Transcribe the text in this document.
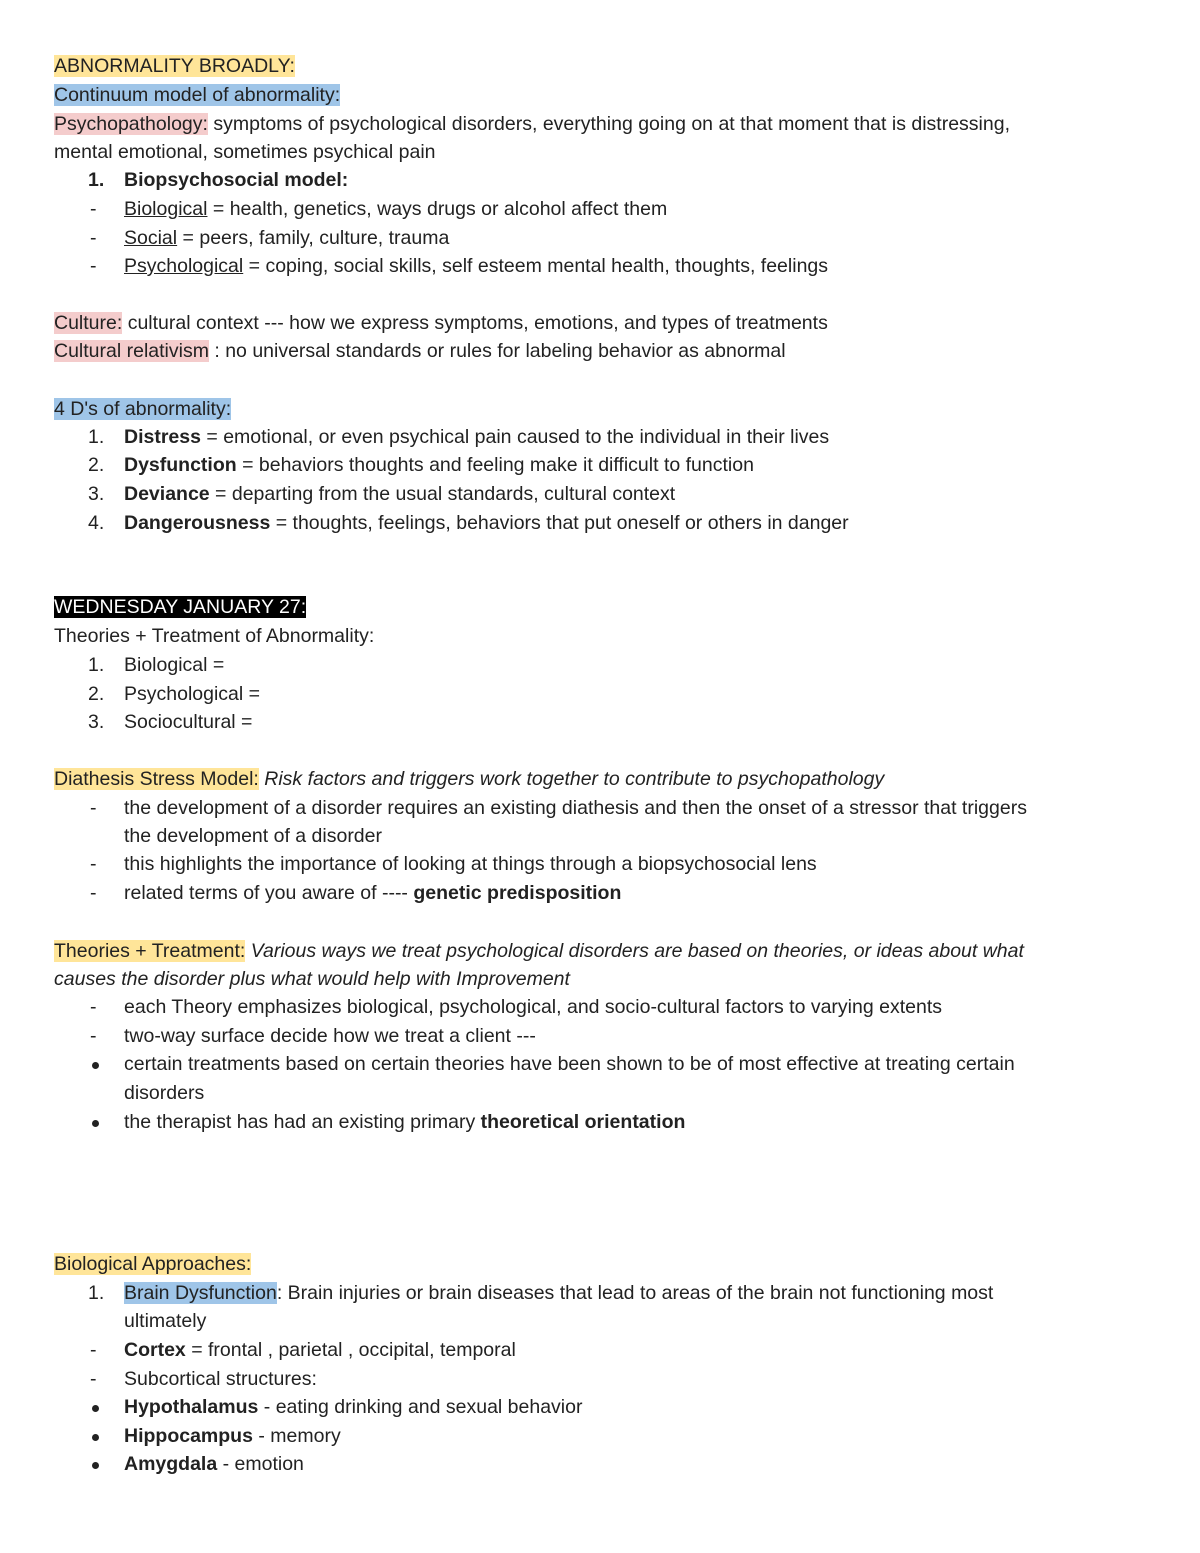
ABNORMALITY BROADLY:
Continuum model of abnormality:
Psychopathology: symptoms of psychological disorders, everything going on at that moment that is distressing,
mental emotional, sometimes psychical pain
1.	Biopsychosocial model:
-	Biological = health, genetics, ways drugs or alcohol affect them
-	Social = peers, family, culture, trauma
-	Psychological = coping, social skills, self esteem mental health, thoughts, feelings
Culture: cultural context --- how we express symptoms, emotions, and types of treatments
Cultural relativism : no universal standards or rules for labeling behavior as abnormal
4 D's of abnormality:
1.	Distress = emotional, or even psychical pain caused to the individual in their lives
2.	Dysfunction = behaviors thoughts and feeling make it difficult to function
3.	Deviance = departing from the usual standards, cultural context
4.	Dangerousness = thoughts, feelings, behaviors that put oneself or others in danger
WEDNESDAY JANUARY 27:
Theories + Treatment of Abnormality:
1.	Biological =
2.	Psychological =
3.	Sociocultural =
Diathesis Stress Model: Risk factors and triggers work together to contribute to psychopathology
-	the development of a disorder requires an existing diathesis and then the onset of a stressor that triggers
the development of a disorder
-	this highlights the importance of looking at things through a biopsychosocial lens
-	related terms of you aware of ---- genetic predisposition
Theories + Treatment: Various ways we treat psychological disorders are based on theories, or ideas about what
causes the disorder plus what would help with Improvement
-	each Theory emphasizes biological, psychological, and socio-cultural factors to varying extents
-	two-way surface decide how we treat a client ---
certain treatments based on certain theories have been shown to be of most effective at treating certain
disorders
the therapist has had an existing primary theoretical orientation
Biological Approaches:
1.	Brain Dysfunction: Brain injuries or brain diseases that lead to areas of the brain not functioning most
ultimately
-	Cortex = frontal , parietal , occipital, temporal
-	Subcortical structures:
Hypothalamus - eating drinking and sexual behavior
Hippocampus - memory
Amygdala - emotion
